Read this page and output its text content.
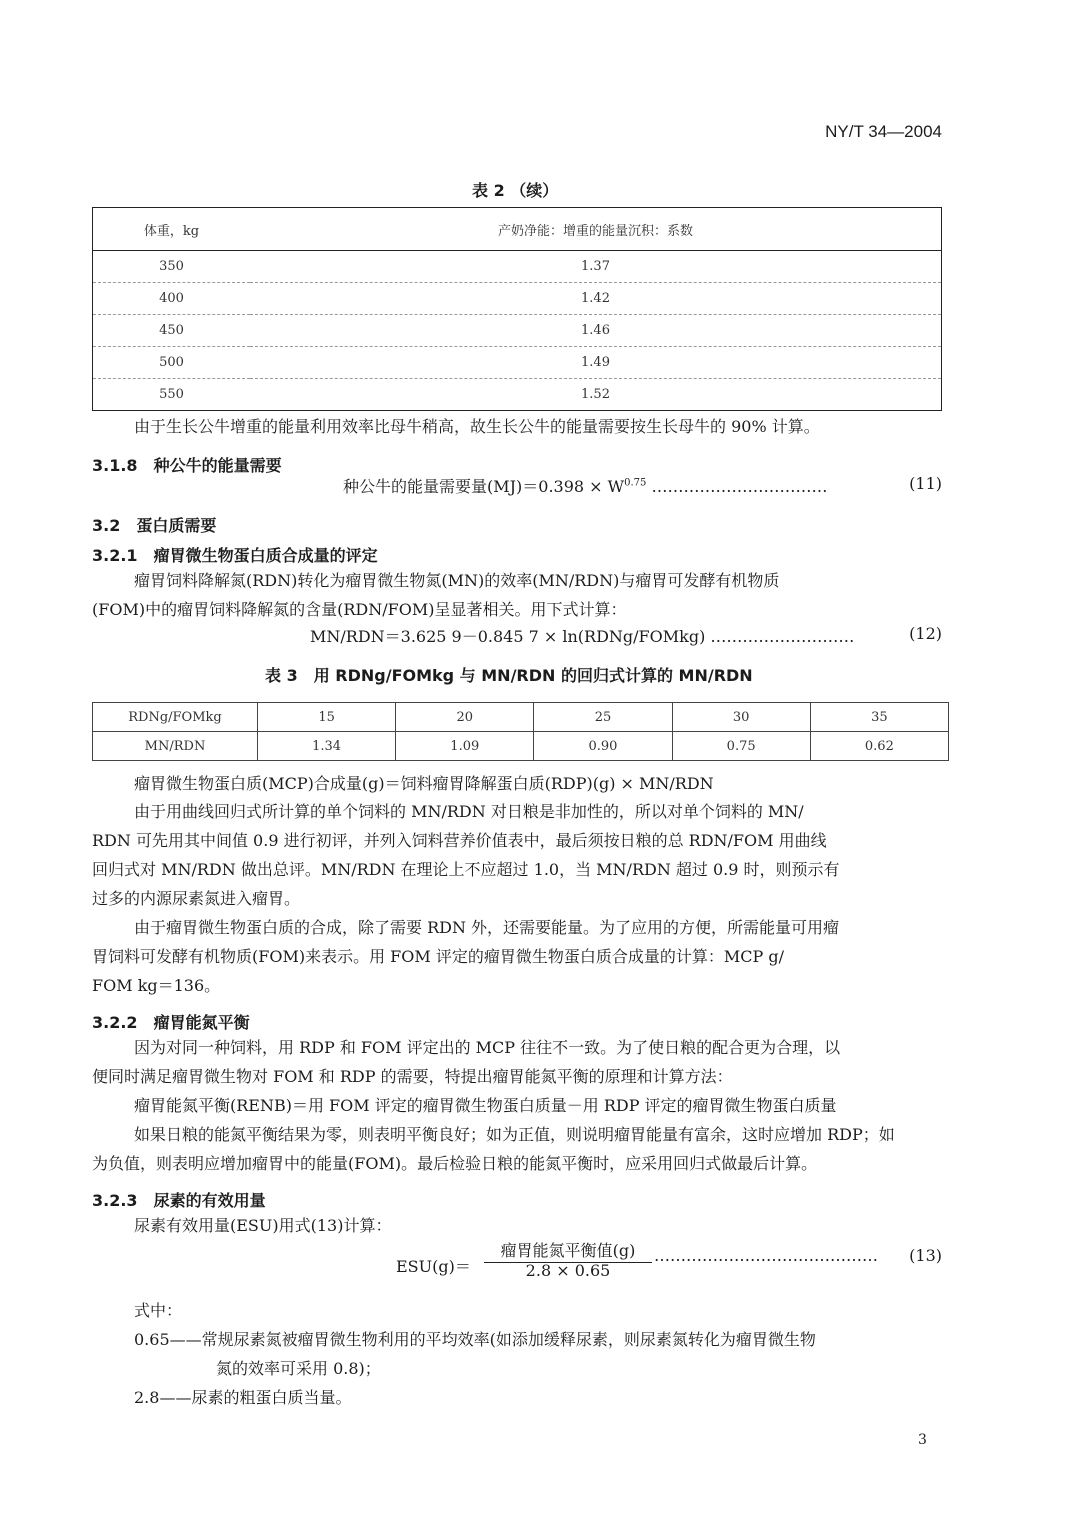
NY/T 34—2004
表 2 （续）
体重，kg	产奶净能：增重的能量沉积：系数
350	1.37
400	1.42
450	1.46
500	1.49
550	1.52
由于生长公牛增重的能量利用效率比母牛稍高，故生长公牛的能量需要按生长母牛的 90% 计算。
3.1.8　 种公牛的能量需要
种公牛的能量需要量$(MJ)=0.398 \times W^{0.75}$ ……………………………	(11)
3.2　 蛋白质需要
3.2.1　 瘤胃微生物蛋白质合成量的评定
瘤胃饲料降解氮(RDN)转化为瘤胃微生物氮(MN)的效率(MN/RDN)与瘤胃可发酵有机物质
(FOM)中的瘤胃饲料降解氮的含量(RDN/FOM)呈显著相关。用下式计算：
MN/RDN＝3.625 9－0.845 7 × ln(RDNg/FOMkg) ………………………	(12)
表 3　用 RDNg/FOMkg 与 MN/RDN 的回归式计算的 MN/RDN
RDNg/FOMkg	15	20	25	30	35
MN/RDN	1.34	1.09	0.90	0.75	0.62
瘤胃微生物蛋白质(MCP)合成量(g)＝饲料瘤胃降解蛋白质(RDP)(g) × MN/RDN
由于用曲线回归式所计算的单个饲料的 MN/RDN 对日粮是非加性的，所以对单个饲料的 MN/
RDN 可先用其中间值 0.9 进行初评，并列入饲料营养价值表中，最后须按日粮的总 RDN/FOM 用曲线
回归式对 MN/RDN 做出总评。MN/RDN 在理论上不应超过 1.0，当 MN/RDN 超过 0.9 时，则预示有
过多的内源尿素氮进入瘤胃。
由于瘤胃微生物蛋白质的合成，除了需要 RDN 外，还需要能量。为了应用的方便，所需能量可用瘤
胃饲料可发酵有机物质(FOM)来表示。用 FOM 评定的瘤胃微生物蛋白质合成量的计算：MCP g/
FOM kg＝136。
3.2.2　 瘤胃能氮平衡
因为对同一种饲料，用 RDP 和 FOM 评定出的 MCP 往往不一致。为了使日粮的配合更为合理，以
便同时满足瘤胃微生物对 FOM 和 RDP 的需要，特提出瘤胃能氮平衡的原理和计算方法：
瘤胃能氮平衡(RENB)＝用 FOM 评定的瘤胃微生物蛋白质量－用 RDP 评定的瘤胃微生物蛋白质量
如果日粮的能氮平衡结果为零，则表明平衡良好；如为正值，则说明瘤胃能量有富余，这时应增加 RDP；如
为负值，则表明应增加瘤胃中的能量(FOM)。最后检验日粮的能氮平衡时，应采用回归式做最后计算。
3.2.3　 尿素的有效用量
尿素有效用量(ESU)用式(13)计算：
ESU(g)＝
瘤胃能氮平衡值(g)
2.8 × 0.65
…………………………………… (13)
式中：
0.65——常规尿素氮被瘤胃微生物利用的平均效率(如添加缓释尿素，则尿素氮转化为瘤胃微生物
氮的效率可采用 0.8)；
2.8——尿素的粗蛋白质当量。
3
